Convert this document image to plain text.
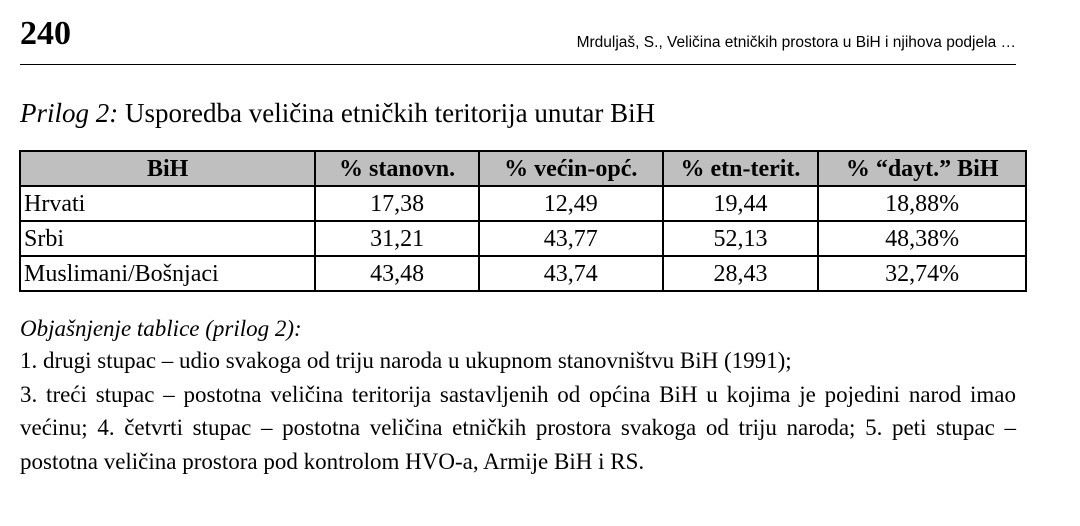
240	Mrduljaš, S., Veličina etničkih prostora u BiH i njihova podjela …
Prilog 2: Usporedba veličina etničkih teritorija unutar BiH
BiH	% stanovn.	% većin-opć.	% etn-terit.	% “dayt.” BiH
Hrvati	17,38	12,49	19,44	18,88%
Srbi	31,21	43,77	52,13	48,38%
Muslimani/Bošnjaci	43,48	43,74	28,43	32,74%
Objašnjenje tablice (prilog 2):
1. drugi stupac – udio svakoga od triju naroda u ukupnom stanovništvu BiH (1991);
3. treći stupac – postotna veličina teritorija sastavljenih od općina BiH u kojima je pojedini narod imao većinu; 4. četvrti stupac – postotna veličina etničkih prostora svakoga od triju naroda; 5. peti stupac – postotna veličina prostora pod kontrolom HVO-a, Armije BiH i RS.
